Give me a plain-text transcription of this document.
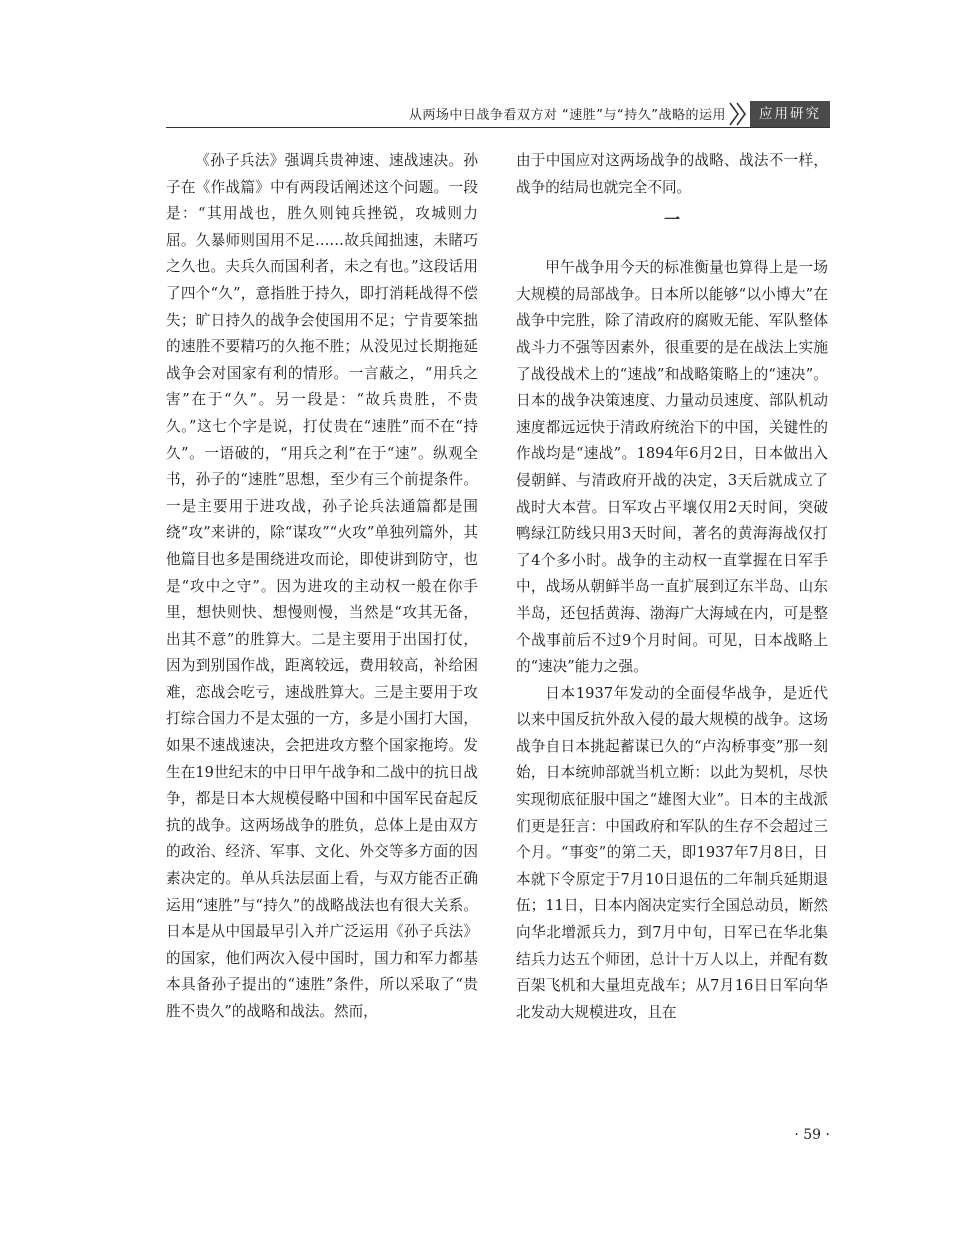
从两场中日战争看双方对 “速胜”与“持久”战略的运用	应用研究

《孙子兵法》强调兵贵神速、速战速决。孙子在《作战篇》中有两段话阐述这个问题。一段是：“其用战也，胜久则钝兵挫锐，攻城则力屈。久暴师则国用不足……故兵闻拙速，未睹巧之久也。夫兵久而国利者，未之有也。”这段话用了四个“久”，意指胜于持久，即打消耗战得不偿失；旷日持久的战争会使国用不足；宁肯要笨拙的速胜不要精巧的久拖不胜；从没见过长期拖延战争会对国家有利的情形。一言蔽之，“用兵之害”在于“久”。另一段是：“故兵贵胜，不贵久。”这七个字是说，打仗贵在“速胜”而不在“持久”。一语破的，“用兵之利”在于“速”。纵观全书，孙子的“速胜”思想，至少有三个前提条件。一是主要用于进攻战，孙子论兵法通篇都是围绕“攻”来讲的，除“谋攻”“火攻”单独列篇外，其他篇目也多是围绕进攻而论，即使讲到防守，也是“攻中之守”。因为进攻的主动权一般在你手里，想快则快、想慢则慢，当然是“攻其无备，出其不意”的胜算大。二是主要用于出国打仗，因为到别国作战，距离较远，费用较高，补给困难，恋战会吃亏，速战胜算大。三是主要用于攻打综合国力不是太强的一方，多是小国打大国，如果不速战速决，会把进攻方整个国家拖垮。发生在19世纪末的中日甲午战争和二战中的抗日战争，都是日本大规模侵略中国和中国军民奋起反抗的战争。这两场战争的胜负，总体上是由双方的政治、经济、军事、文化、外交等多方面的因素决定的。单从兵法层面上看，与双方能否正确运用“速胜”与“持久”的战略战法也有很大关系。日本是从中国最早引入并广泛运用《孙子兵法》的国家，他们两次入侵中国时，国力和军力都基本具备孙子提出的“速胜”条件，所以采取了“贵胜不贵久”的战略和战法。然而，

由于中国应对这两场战争的战略、战法不一样，战争的结局也就完全不同。

一

甲午战争用今天的标准衡量也算得上是一场大规模的局部战争。日本所以能够“以小博大”在战争中完胜，除了清政府的腐败无能、军队整体战斗力不强等因素外，很重要的是在战法上实施了战役战术上的“速战”和战略策略上的“速决”。日本的战争决策速度、力量动员速度、部队机动速度都远远快于清政府统治下的中国，关键性的作战均是“速战”。1894年6月2日，日本做出入侵朝鲜、与清政府开战的决定，3天后就成立了战时大本营。日军攻占平壤仅用2天时间，突破鸭绿江防线只用3天时间，著名的黄海海战仅打了4个多小时。战争的主动权一直掌握在日军手中，战场从朝鲜半岛一直扩展到辽东半岛、山东半岛，还包括黄海、渤海广大海域在内，可是整个战事前后不过9个月时间。可见，日本战略上的“速决”能力之强。

日本1937年发动的全面侵华战争，是近代以来中国反抗外敌入侵的最大规模的战争。这场战争自日本挑起蓄谋已久的“卢沟桥事变”那一刻始，日本统帅部就当机立断：以此为契机，尽快实现彻底征服中国之“雄图大业”。日本的主战派们更是狂言：中国政府和军队的生存不会超过三个月。“事变”的第二天，即1937年7月8日，日本就下令原定于7月10日退伍的二年制兵延期退伍；11日，日本内阁决定实行全国总动员，断然向华北增派兵力，到7月中旬，日军已在华北集结兵力达五个师团，总计十万人以上，并配有数百架飞机和大量坦克战车；从7月16日日军向华北发动大规模进攻，且在

· 59 ·
